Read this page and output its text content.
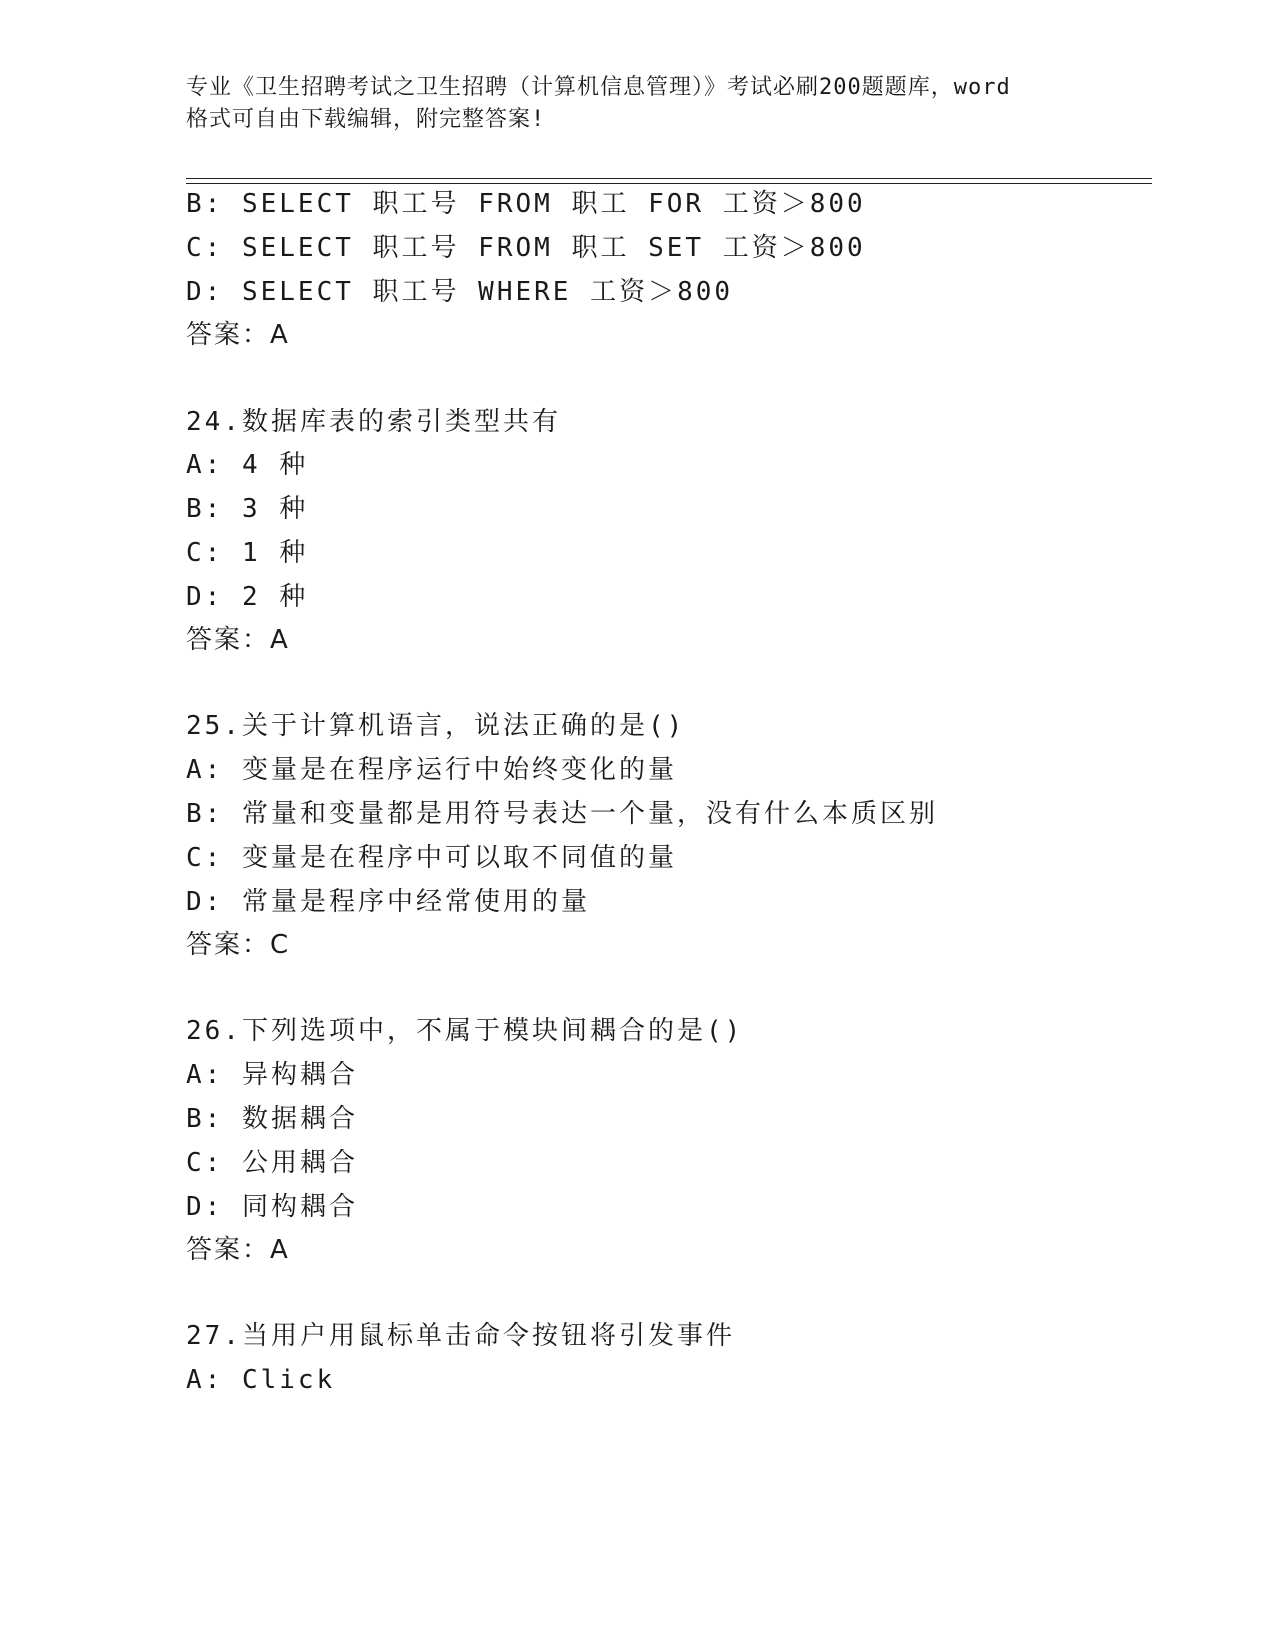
专业《卫生招聘考试之卫生招聘（计算机信息管理）》考试必刷200题题库，word
格式可自由下载编辑，附完整答案!
B: SELECT 职工号 FROM 职工 FOR 工资＞800
C: SELECT 职工号 FROM 职工 SET 工资＞800
D: SELECT 职工号 WHERE 工资＞800
答案：A
24.数据库表的索引类型共有
A: 4 种
B: 3 种
C: 1 种
D: 2 种
答案：A
25.关于计算机语言，说法正确的是()
A: 变量是在程序运行中始终变化的量
B: 常量和变量都是用符号表达一个量，没有什么本质区别
C: 变量是在程序中可以取不同值的量
D: 常量是程序中经常使用的量
答案：C
26.下列选项中，不属于模块间耦合的是()
A: 异构耦合
B: 数据耦合
C: 公用耦合
D: 同构耦合
答案：A
27.当用户用鼠标单击命令按钮将引发事件
A: Click
